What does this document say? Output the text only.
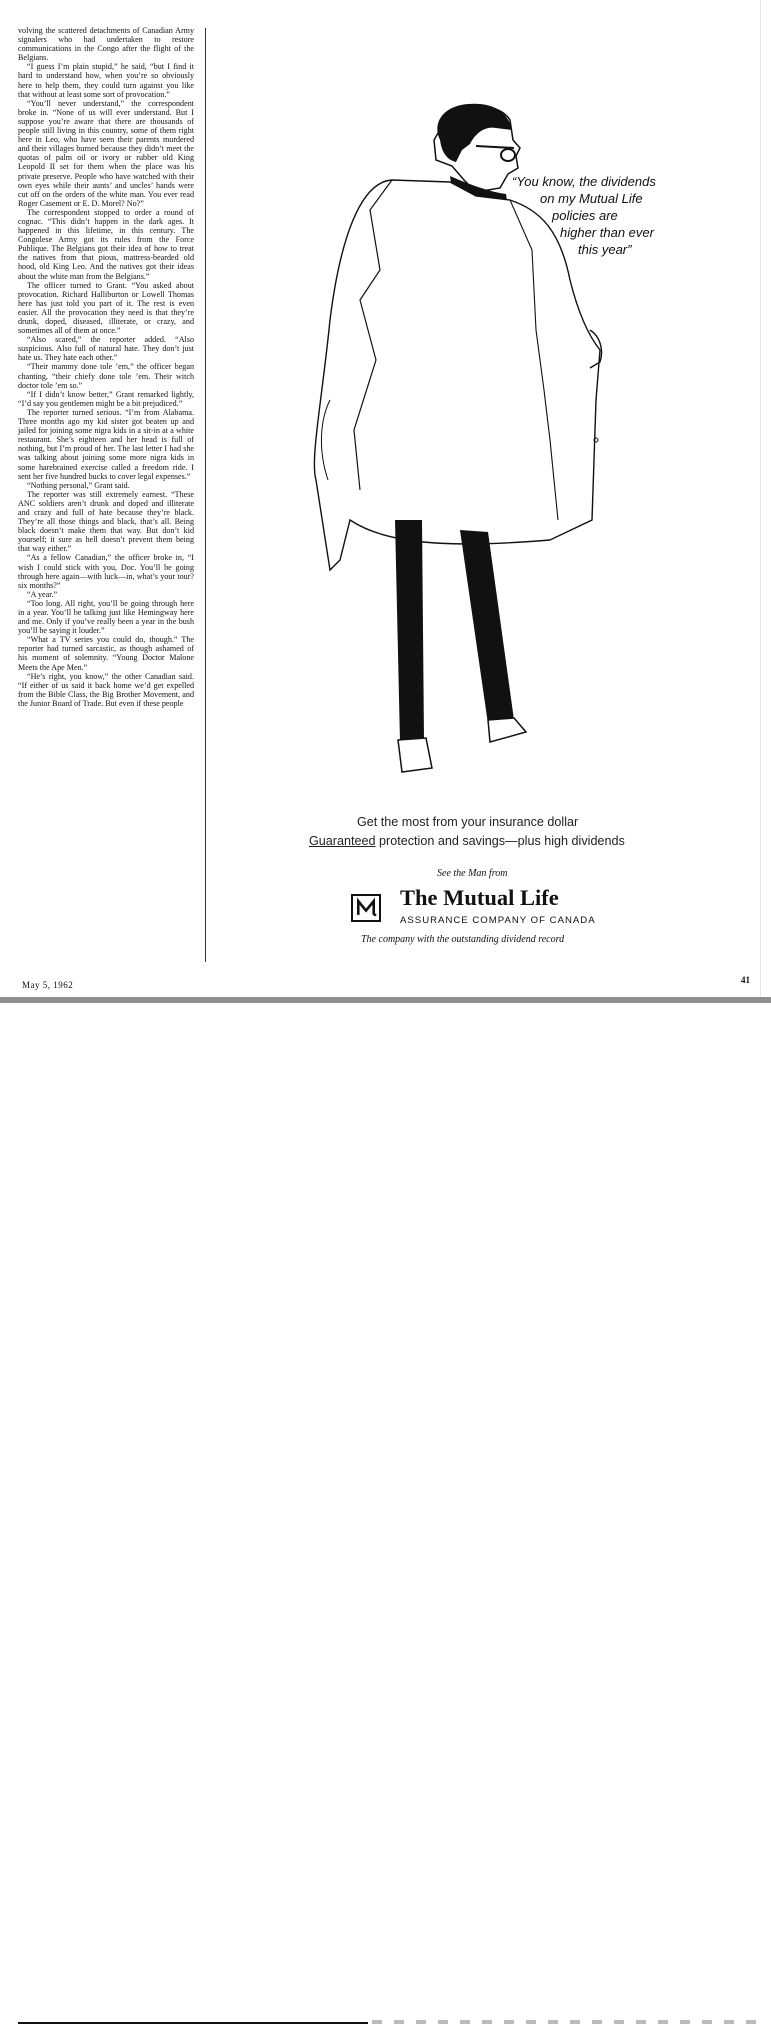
volving the scattered detachments of Canadian Army signalers who had undertaken to restore communications in the Congo after the flight of the Belgians.

“I guess I’m plain stupid,” he said, “but I find it hard to understand how, when you’re so obviously here to help them, they could turn against you like that without at least some sort of provocation.”

“You’ll never understand,” the correspondent broke in. “None of us will ever understand. But I suppose you’re aware that there are thousands of people still living in this country, some of them right here in Leo, who have seen their parents murdered and their villages burned because they didn’t meet the quotas of palm oil or ivory or rubber old King Leopold II set for them when the place was his private preserve. People who have watched with their own eyes while their aunts’ and uncles’ hands were cut off on the orders of the white man. You ever read Roger Casement or E. D. Morel? No?”

The correspondent stopped to order a round of cognac. “This didn’t happen in the dark ages. It happened in this lifetime, in this century. The Congolese Army got its rules from the Force Publique. The Belgians got their idea of how to treat the natives from that pious, mattress-bearded old hood, old King Leo. And the natives got their ideas about the white man from the Belgians.”

The officer turned to Grant. “You asked about provocation. Richard Halliburton or Lowell Thomas here has just told you part of it. The rest is even easier. All the provocation they need is that they’re drunk, doped, diseased, illiterate, or crazy, and sometimes all of them at once.”

“Also scared,” the reporter added. “Also suspicious. Also full of natural hate. They don’t just hate us. They hate each other.”

“Their mammy done tole ’em,” the officer began chanting, “their chiefy done tole ’em. Their witch doctor tole ’em so.”

“If I didn’t know better,” Grant remarked lightly, “I’d say you gentlemen might be a bit prejudiced.”

The reporter turned serious. “I’m from Alabama. Three months ago my kid sister got beaten up and jailed for joining some nigra kids in a sit-in at a white restaurant. She’s eighteen and her head is full of nothing, but I’m proud of her. The last letter I had she was talking about joining some more nigra kids in some harebrained exercise called a freedom ride. I sent her five hundred bucks to cover legal expenses.”

“Nothing personal,” Grant said.

The reporter was still extremely earnest. “These ANC soldiers aren’t drunk and doped and illiterate and crazy and full of hate because they’re black. They’re all those things and black, that’s all. Being black doesn’t make them that way. But don’t kid yourself; it sure as hell doesn’t prevent them being that way either.”

“As a fellow Canadian,” the officer broke in, “I wish I could stick with you, Doc. You’ll be going through here again—with luck—in, what’s your tour? six months?”

“A year.”

“Too long. All right, you’ll be going through here in a year. You’ll be talking just like Hemingway here and me. Only if you’ve really been a year in the bush you’ll be saying it louder.”

“What a TV series you could do, though.” The reporter had turned sarcastic, as though ashamed of his moment of solemnity. “Young Doctor Malone Meets the Ape Men.”

“He’s right, you know,” the other Canadian said. “If either of us said it back home we’d get expelled from the Bible Class, the Big Brother Movement, and the Junior Board of Trade. But even if these people

“You know, the dividends
on my Mutual Life
policies are
higher than ever
this year”
Get the most from your insurance dollar
Guaranteed protection and savings—plus high dividends
See the Man from
The Mutual Life
ASSURANCE COMPANY OF CANADA
The company with the outstanding dividend record
May 5, 1962	41
